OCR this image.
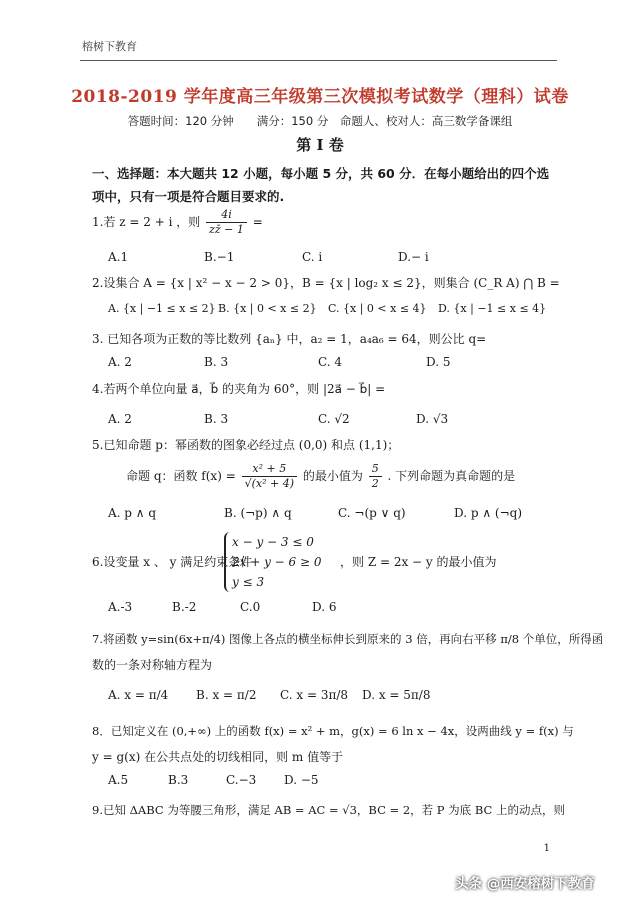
榕树下教育
2018-2019 学年度高三年级第三次模拟考试数学（理科）试卷
答题时间：120 分钟　　满分：150 分　命题人、校对人：高三数学备课组
第 I 卷
一、选择题：本大题共 12 小题，每小题 5 分，共 60 分．在每小题给出的四个选项中，只有一项是符合题目要求的.
1.若 z = 2 + i ，则 $\frac{4i}{zz̄ - 1}$ =
A.1	B.−1	C. i	D.− i
2.设集合 A = {x | x² − x − 2 > 0}，B = {x | log₂ x ≤ 2}，则集合 (C_R A) ⋂ B =
A. {x | −1 ≤ x ≤ 2} B. {x | 0 < x ≤ 2} C. {x | 0 < x ≤ 4} D. {x | −1 ≤ x ≤ 4}
3. 已知各项为正数的等比数列 {aₙ} 中，a₂ = 1，a₄a₆ = 64，则公比 q=
A. 2	B. 3	C. 4	D. 5
4.若两个单位向量 a⃗，b⃗ 的夹角为 60°，则 |2a⃗ − b⃗| =
A. 2	B. 3	C. √2	D. √3
5.已知命题 p：幂函数的图象必经过点 (0,0) 和点 (1,1)；
命题 q：函数 $f(x) = \frac{\text{x² + 5}}{\text{√(x² + 4)}}$ 的最小值为 $\frac{5}{2}$ . 下列命题为真命题的是
A. p ∧ q	B. (¬p) ∧ q	C. ¬(p ∨ q)	D. p ∧ (¬q)
6.设变量 x 、 y 满足约束条件
x − y − 3 ≤ 0
2x + y − 6 ≥ 0
y ≤ 3
，则 Z = 2x − y 的最小值为
A.-3	B.-2	C.0	D. 6
7.将函数 y=sin(6x+π/4) 图像上各点的横坐标伸长到原来的 3 倍，再向右平移 π/8 个单位，所得函
数的一条对称轴方程为
A. x = π/4 B. x = π/2 C. x = 3π/8 D. x = 5π/8
8．已知定义在 (0,+∞) 上的函数 f(x) = x² + m，g(x) = 6 ln x − 4x，设两曲线 y = f(x) 与
y = g(x) 在公共点处的切线相同，则 m 值等于
A.5	B.3	C.−3 D. −5
9.已知 ΔABC 为等腰三角形，满足 AB = AC = √3，BC = 2，若 P 为底 BC 上的动点，则
1
头条 @西安榕树下教育
